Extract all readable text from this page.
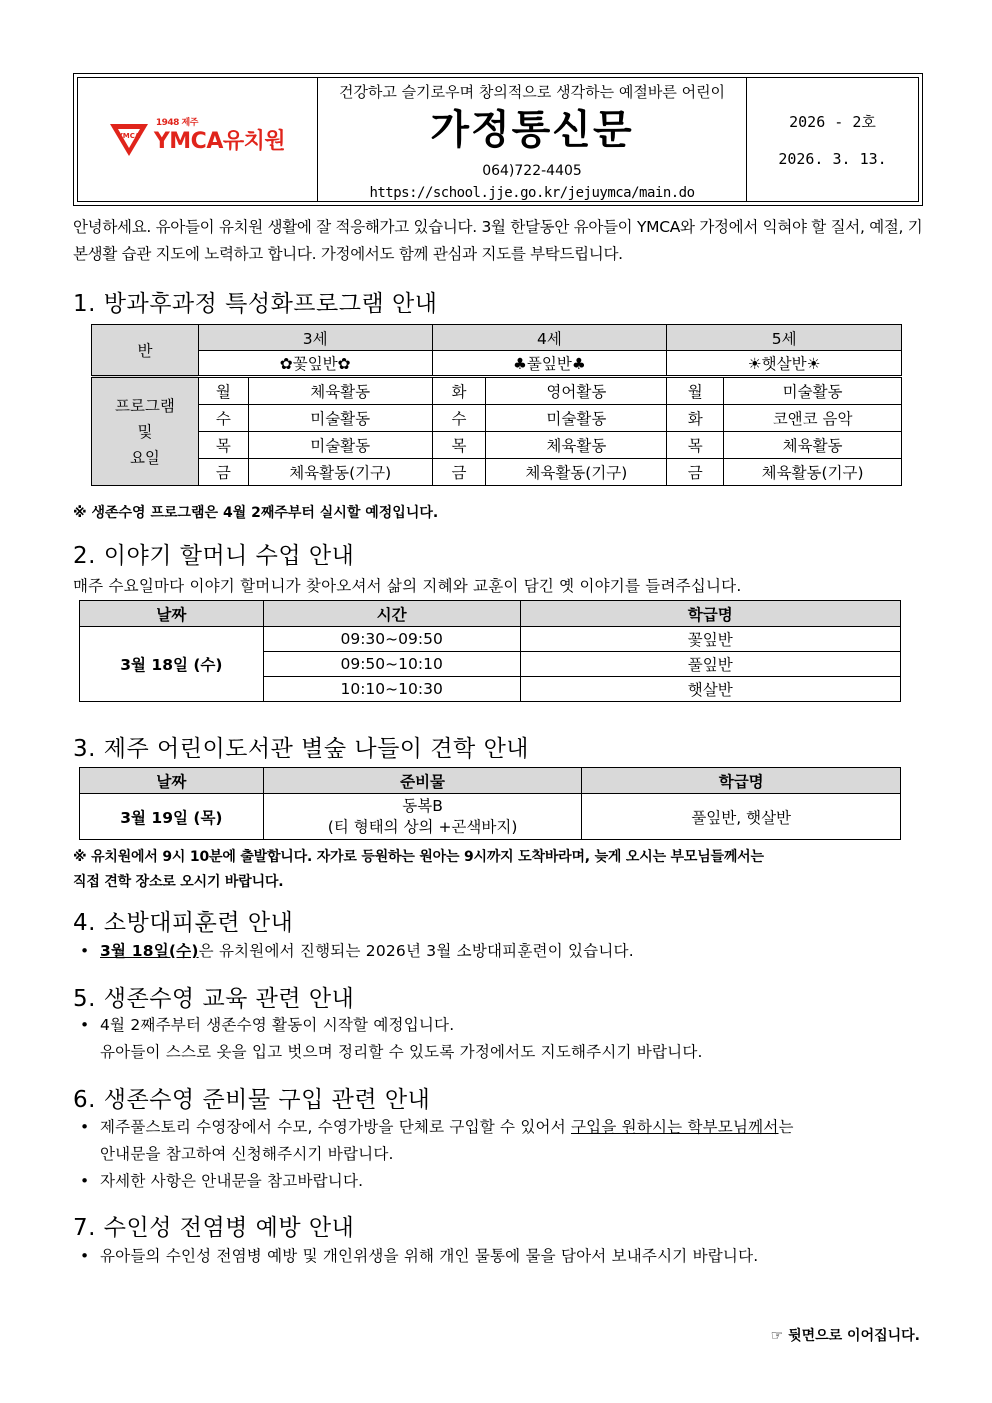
YMCA
1948 제주
YMCA유치원
건강하고 슬기로우며 창의적으로 생각하는 예절바른 어린이
가정통신문
064)722-4405
https://school.jje.go.kr/jejuymca/main.do
2026 - 2호
2026. 3. 13.
안녕하세요. 유아들이 유치원 생활에 잘 적응해가고 있습니다. 3월 한달동안 유아들이 YMCA와 가정에서 익혀야 할 질서, 예절, 기본생활 습관 지도에 노력하고 합니다. 가정에서도 함께 관심과 지도를 부탁드립니다.
1. 방과후과정 특성화프로그램 안내
반	3세		4세		5세	
	✿꽃잎반✿		♣풀잎반♣		☀햇살반☀	
프로그램
및
요일	월	체육활동	화	영어활동	월	미술활동
	수	미술활동	수	미술활동	화	코앤코 음악
	목	미술활동	목	체육활동	목	체육활동
	금	체육활동(기구)	금	체육활동(기구)	금	체육활동(기구)
※ 생존수영 프로그램은 4월 2째주부터 실시할 예정입니다.
2. 이야기 할머니 수업 안내
매주 수요일마다 이야기 할머니가 찾아오셔서 삶의 지혜와 교훈이 담긴 옛 이야기를 들려주십니다.
날짜	시간	학급명
3월 18일 (수)	09:30~09:50	꽃잎반
	09:50~10:10	풀잎반
	10:10~10:30	햇살반
3. 제주 어린이도서관 별숲 나들이 견학 안내
날짜	준비물	학급명
3월 19일 (목)	동복B
(티 형태의 상의 +곤색바지)	풀잎반, 햇살반
※ 유치원에서 9시 10분에 출발합니다. 자가로 등원하는 원아는 9시까지 도착바라며, 늦게 오시는 부모님들께서는
직접 견학 장소로 오시기 바랍니다.
4. 소방대피훈련 안내
• 3월 18일(수)은 유치원에서 진행되는 2026년 3월 소방대피훈련이 있습니다.
5. 생존수영 교육 관련 안내
• 4월 2째주부터 생존수영 활동이 시작할 예정입니다.
유아들이 스스로 옷을 입고 벗으며 정리할 수 있도록 가정에서도 지도해주시기 바랍니다.
6. 생존수영 준비물 구입 관련 안내
• 제주풀스토리 수영장에서 수모, 수영가방을 단체로 구입할 수 있어서 구입을 원하시는 학부모님께서는
안내문을 참고하여 신청해주시기 바랍니다.
• 자세한 사항은 안내문을 참고바랍니다.
7. 수인성 전염병 예방 안내
• 유아들의 수인성 전염병 예방 및 개인위생을 위해 개인 물통에 물을 담아서 보내주시기 바랍니다.
☞ 뒷면으로 이어집니다.
